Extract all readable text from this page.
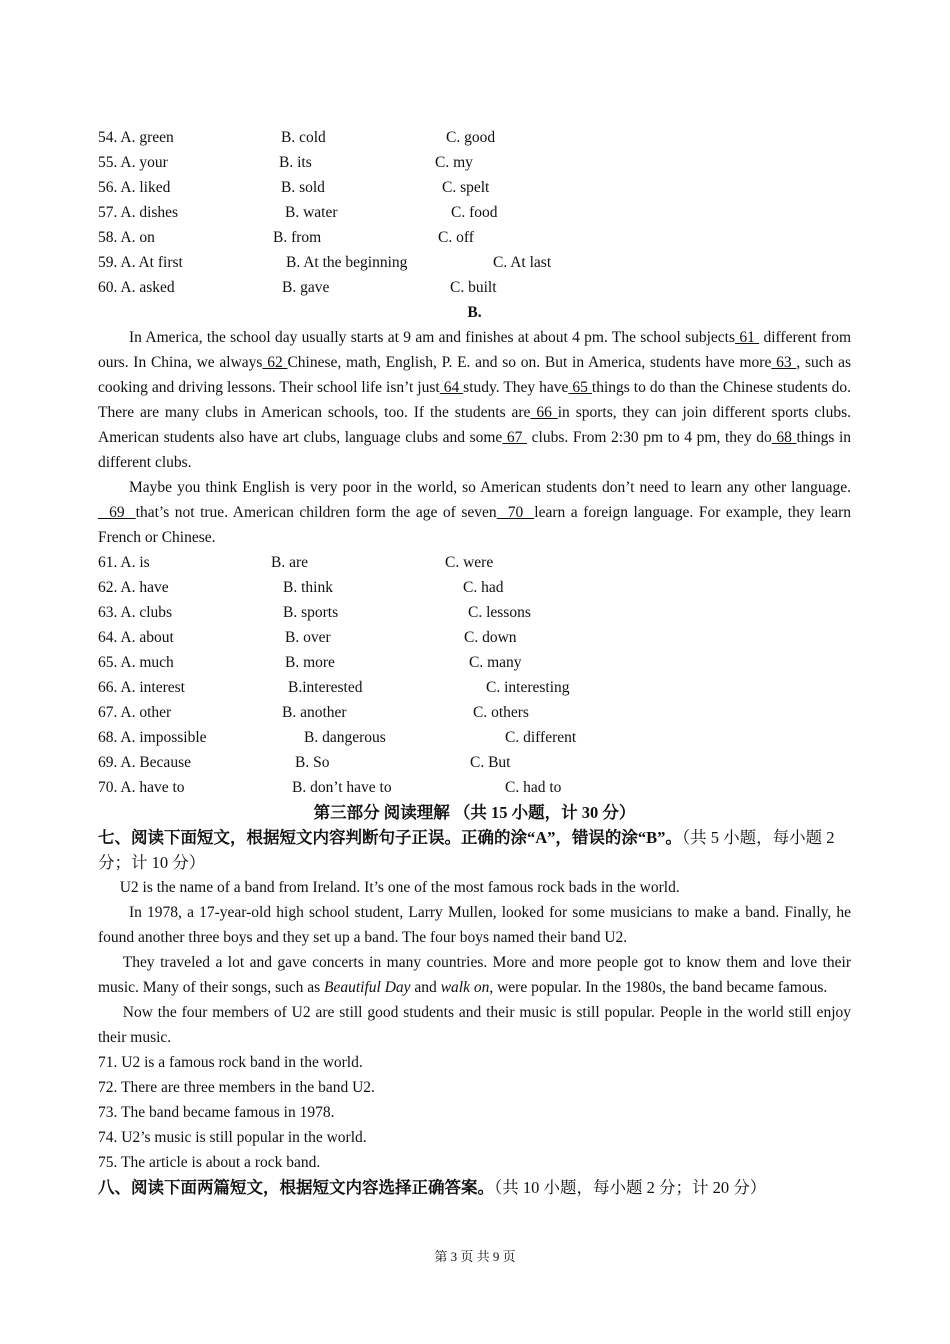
54. A. green	B. cold	C. good
55. A. your	B. its	C. my
56. A. liked	B. sold	C. spelt
57. A. dishes	B. water	C. food
58. A. on	B. from	C. off
59. A. At first	B. At the beginning	C. At last
60. A. asked	B. gave	C. built
B.

In America, the school day usually starts at 9 am and finishes at about 4 pm. The school subjects 61  different from ours. In China, we always 62 Chinese, math, English, P. E. and so on. But in America, students have more 63 , such as cooking and driving lessons. Their school life isn’t just 64 study. They have 65 things to do than the Chinese students do. There are many clubs in American schools, too. If the students are 66 in sports, they can join different sports clubs. American students also have art clubs, language clubs and some 67  clubs. From 2:30 pm to 4 pm, they do 68 things in different clubs.

Maybe you think English is very poor in the world, so American students don’t need to learn any other language.  69  that’s not true. American children form the age of seven  70  learn a foreign language. For example, they learn French or Chinese.

61. A. is	B. are	C. were
62. A. have	B. think	C. had
63. A. clubs	B. sports	C. lessons
64. A. about	B. over	C. down
65. A. much	B. more	C. many
66. A. interest	B.interested	C. interesting
67. A. other	B. another	C. others
68. A. impossible	B. dangerous	C. different
69. A. Because	B. So	C. But
70. A. have to	B. don’t have to	C. had to
第三部分 阅读理解 （共 15 小题，计 30 分）

七、阅读下面短文，根据短文内容判断句子正误。正确的涂“A”，错误的涂“B”。（共 5 小题，每小题 2 分；计 10 分）

U2 is the name of a band from Ireland. It’s one of the most famous rock bads in the world.

In 1978, a 17-year-old high school student, Larry Mullen, looked for some musicians to make a band. Finally, he found another three boys and they set up a band. The four boys named their band U2.

They traveled a lot and gave concerts in many countries. More and more people got to know them and love their music. Many of their songs, such as Beautiful Day and walk on, were popular. In the 1980s, the band became famous.

Now the four members of U2 are still good students and their music is still popular. People in the world still enjoy their music.

71. U2 is a famous rock band in the world.
72. There are three members in the band U2.
73. The band became famous in 1978.
74. U2’s music is still popular in the world.
75. The article is about a rock band.

八、阅读下面两篇短文，根据短文内容选择正确答案。（共 10 小题，每小题 2 分；计 20 分）

第 3 页 共 9 页
